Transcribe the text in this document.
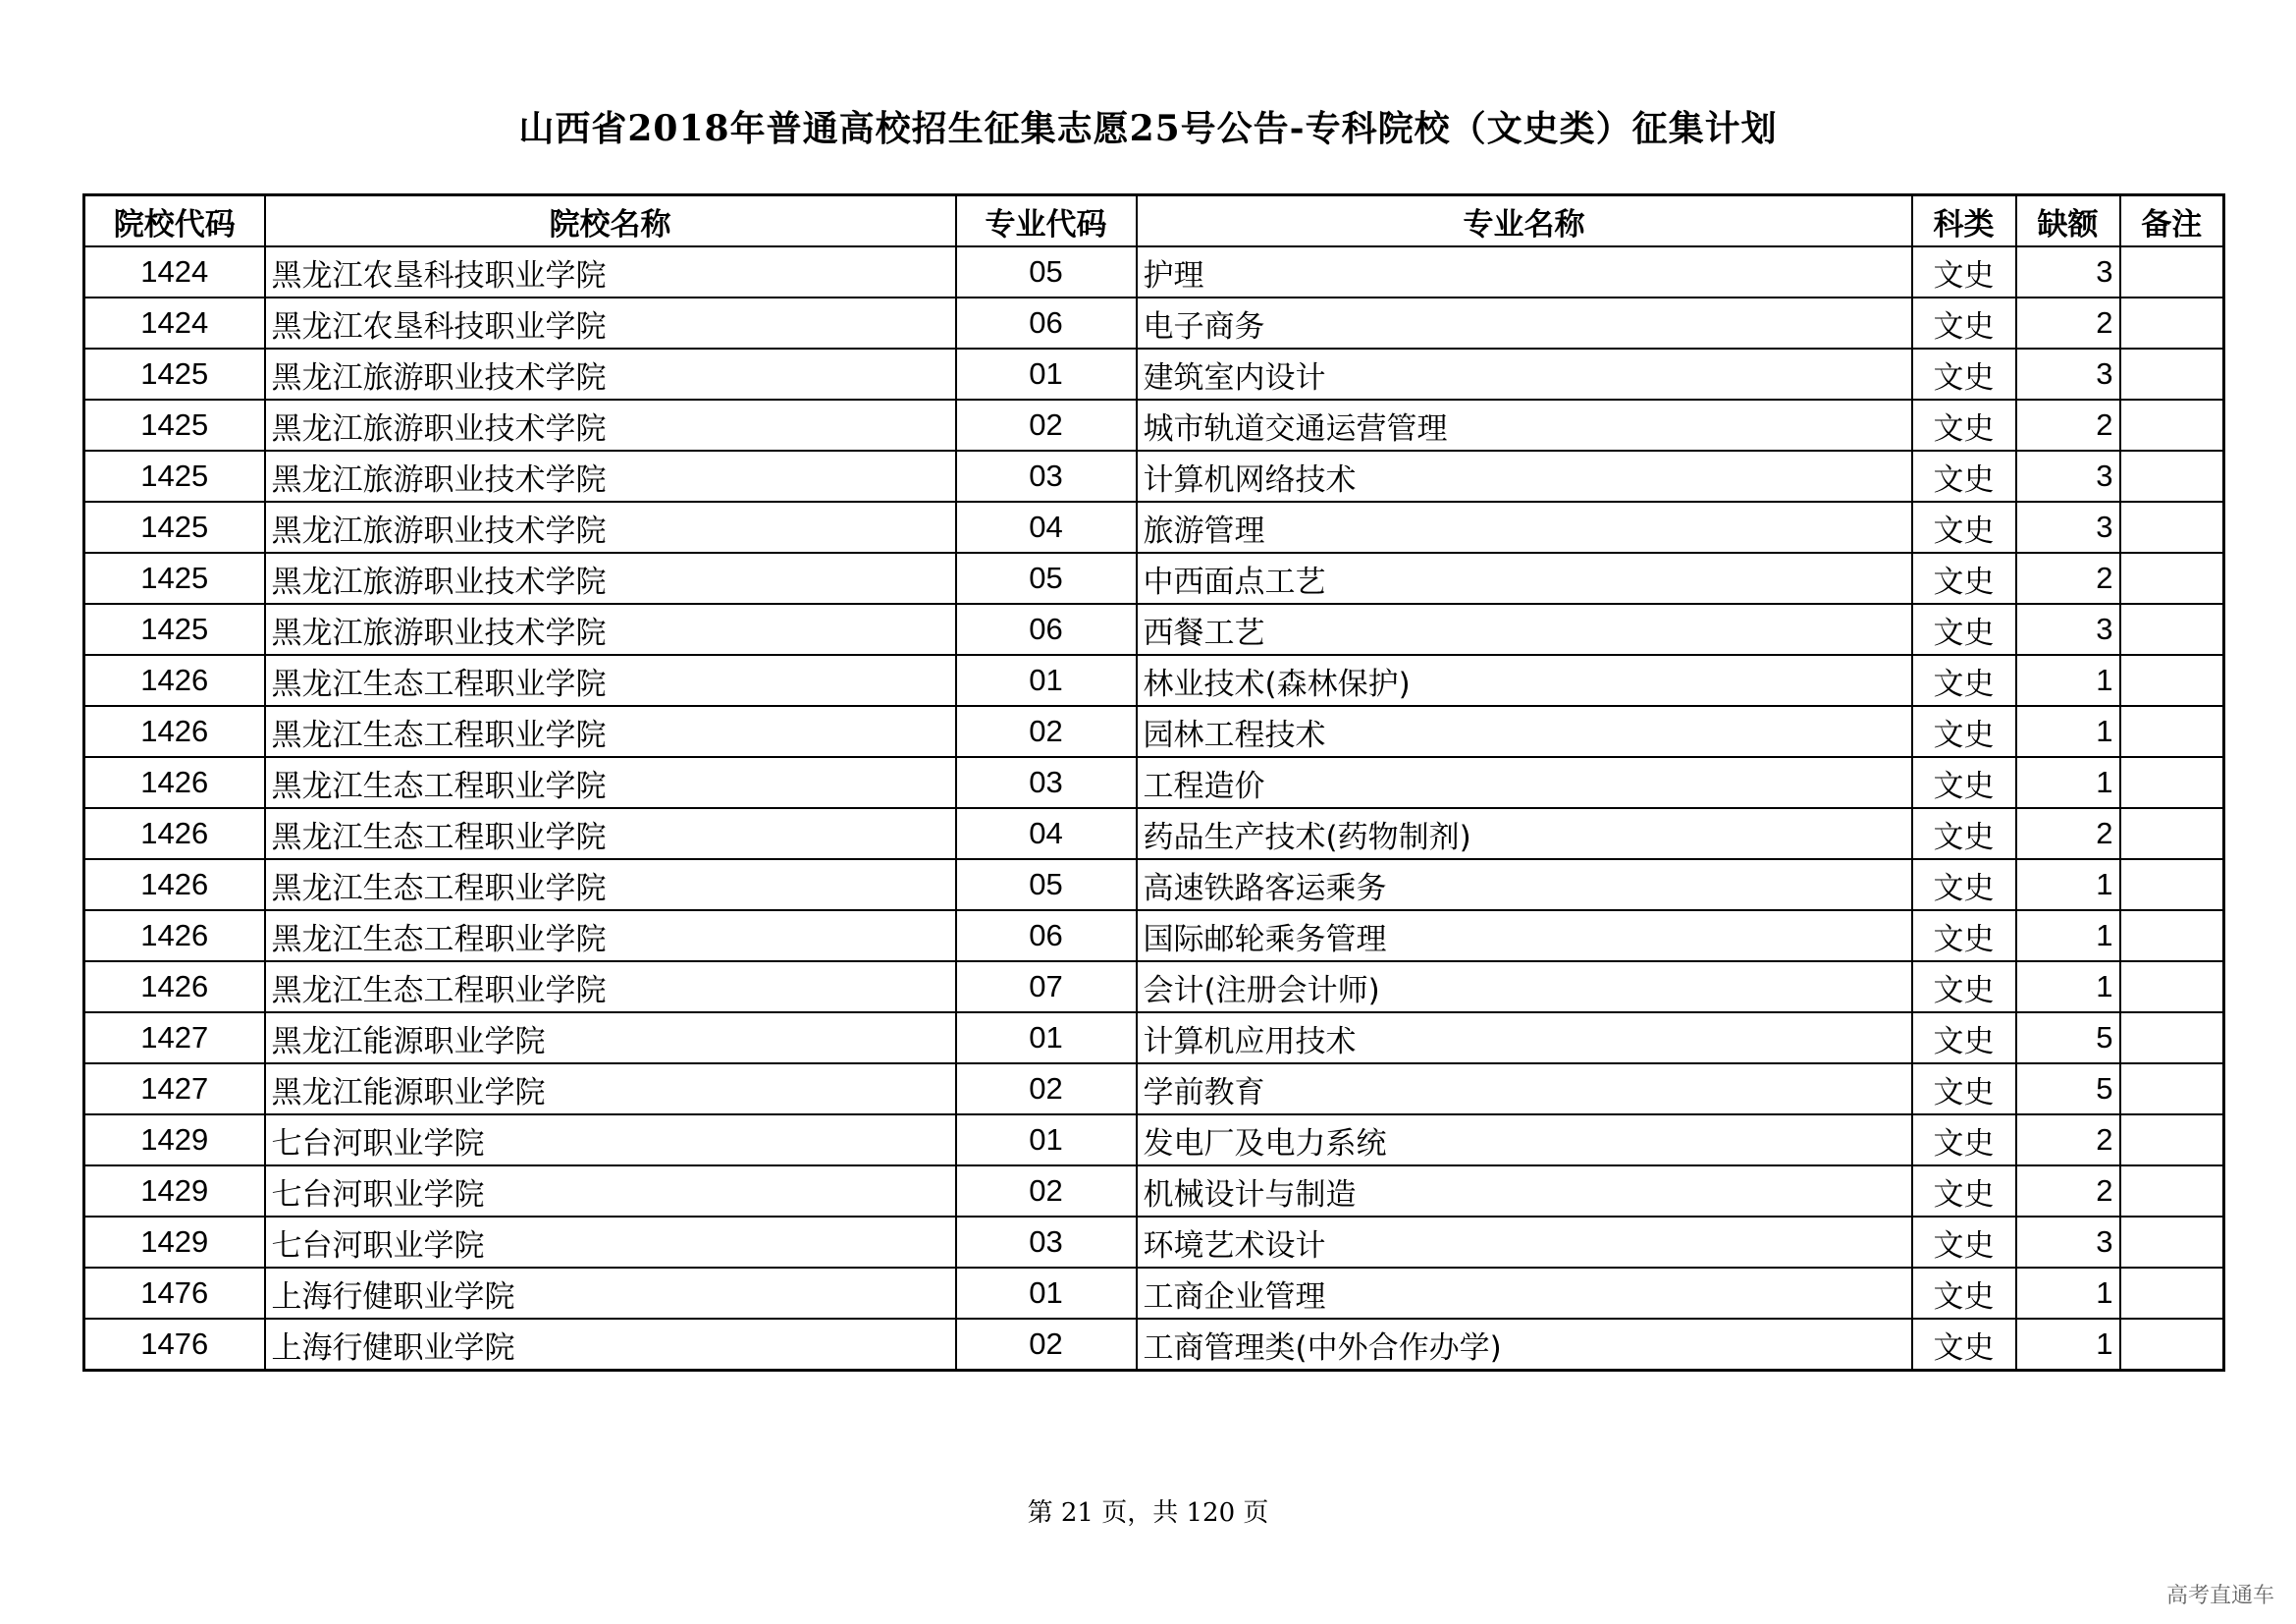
山西省2018年普通高校招生征集志愿25号公告-专科院校（文史类）征集计划
院校代码	院校名称	专业代码	专业名称	科类	缺额	备注
1424	黑龙江农垦科技职业学院	05	护理	文史	3	
1424	黑龙江农垦科技职业学院	06	电子商务	文史	2	
1425	黑龙江旅游职业技术学院	01	建筑室内设计	文史	3	
1425	黑龙江旅游职业技术学院	02	城市轨道交通运营管理	文史	2	
1425	黑龙江旅游职业技术学院	03	计算机网络技术	文史	3	
1425	黑龙江旅游职业技术学院	04	旅游管理	文史	3	
1425	黑龙江旅游职业技术学院	05	中西面点工艺	文史	2	
1425	黑龙江旅游职业技术学院	06	西餐工艺	文史	3	
1426	黑龙江生态工程职业学院	01	林业技术(森林保护)	文史	1	
1426	黑龙江生态工程职业学院	02	园林工程技术	文史	1	
1426	黑龙江生态工程职业学院	03	工程造价	文史	1	
1426	黑龙江生态工程职业学院	04	药品生产技术(药物制剂)	文史	2	
1426	黑龙江生态工程职业学院	05	高速铁路客运乘务	文史	1	
1426	黑龙江生态工程职业学院	06	国际邮轮乘务管理	文史	1	
1426	黑龙江生态工程职业学院	07	会计(注册会计师)	文史	1	
1427	黑龙江能源职业学院	01	计算机应用技术	文史	5	
1427	黑龙江能源职业学院	02	学前教育	文史	5	
1429	七台河职业学院	01	发电厂及电力系统	文史	2	
1429	七台河职业学院	02	机械设计与制造	文史	2	
1429	七台河职业学院	03	环境艺术设计	文史	3	
1476	上海行健职业学院	01	工商企业管理	文史	1	
1476	上海行健职业学院	02	工商管理类(中外合作办学)	文史	1	
第 21 页，共 120 页
高考直通车
